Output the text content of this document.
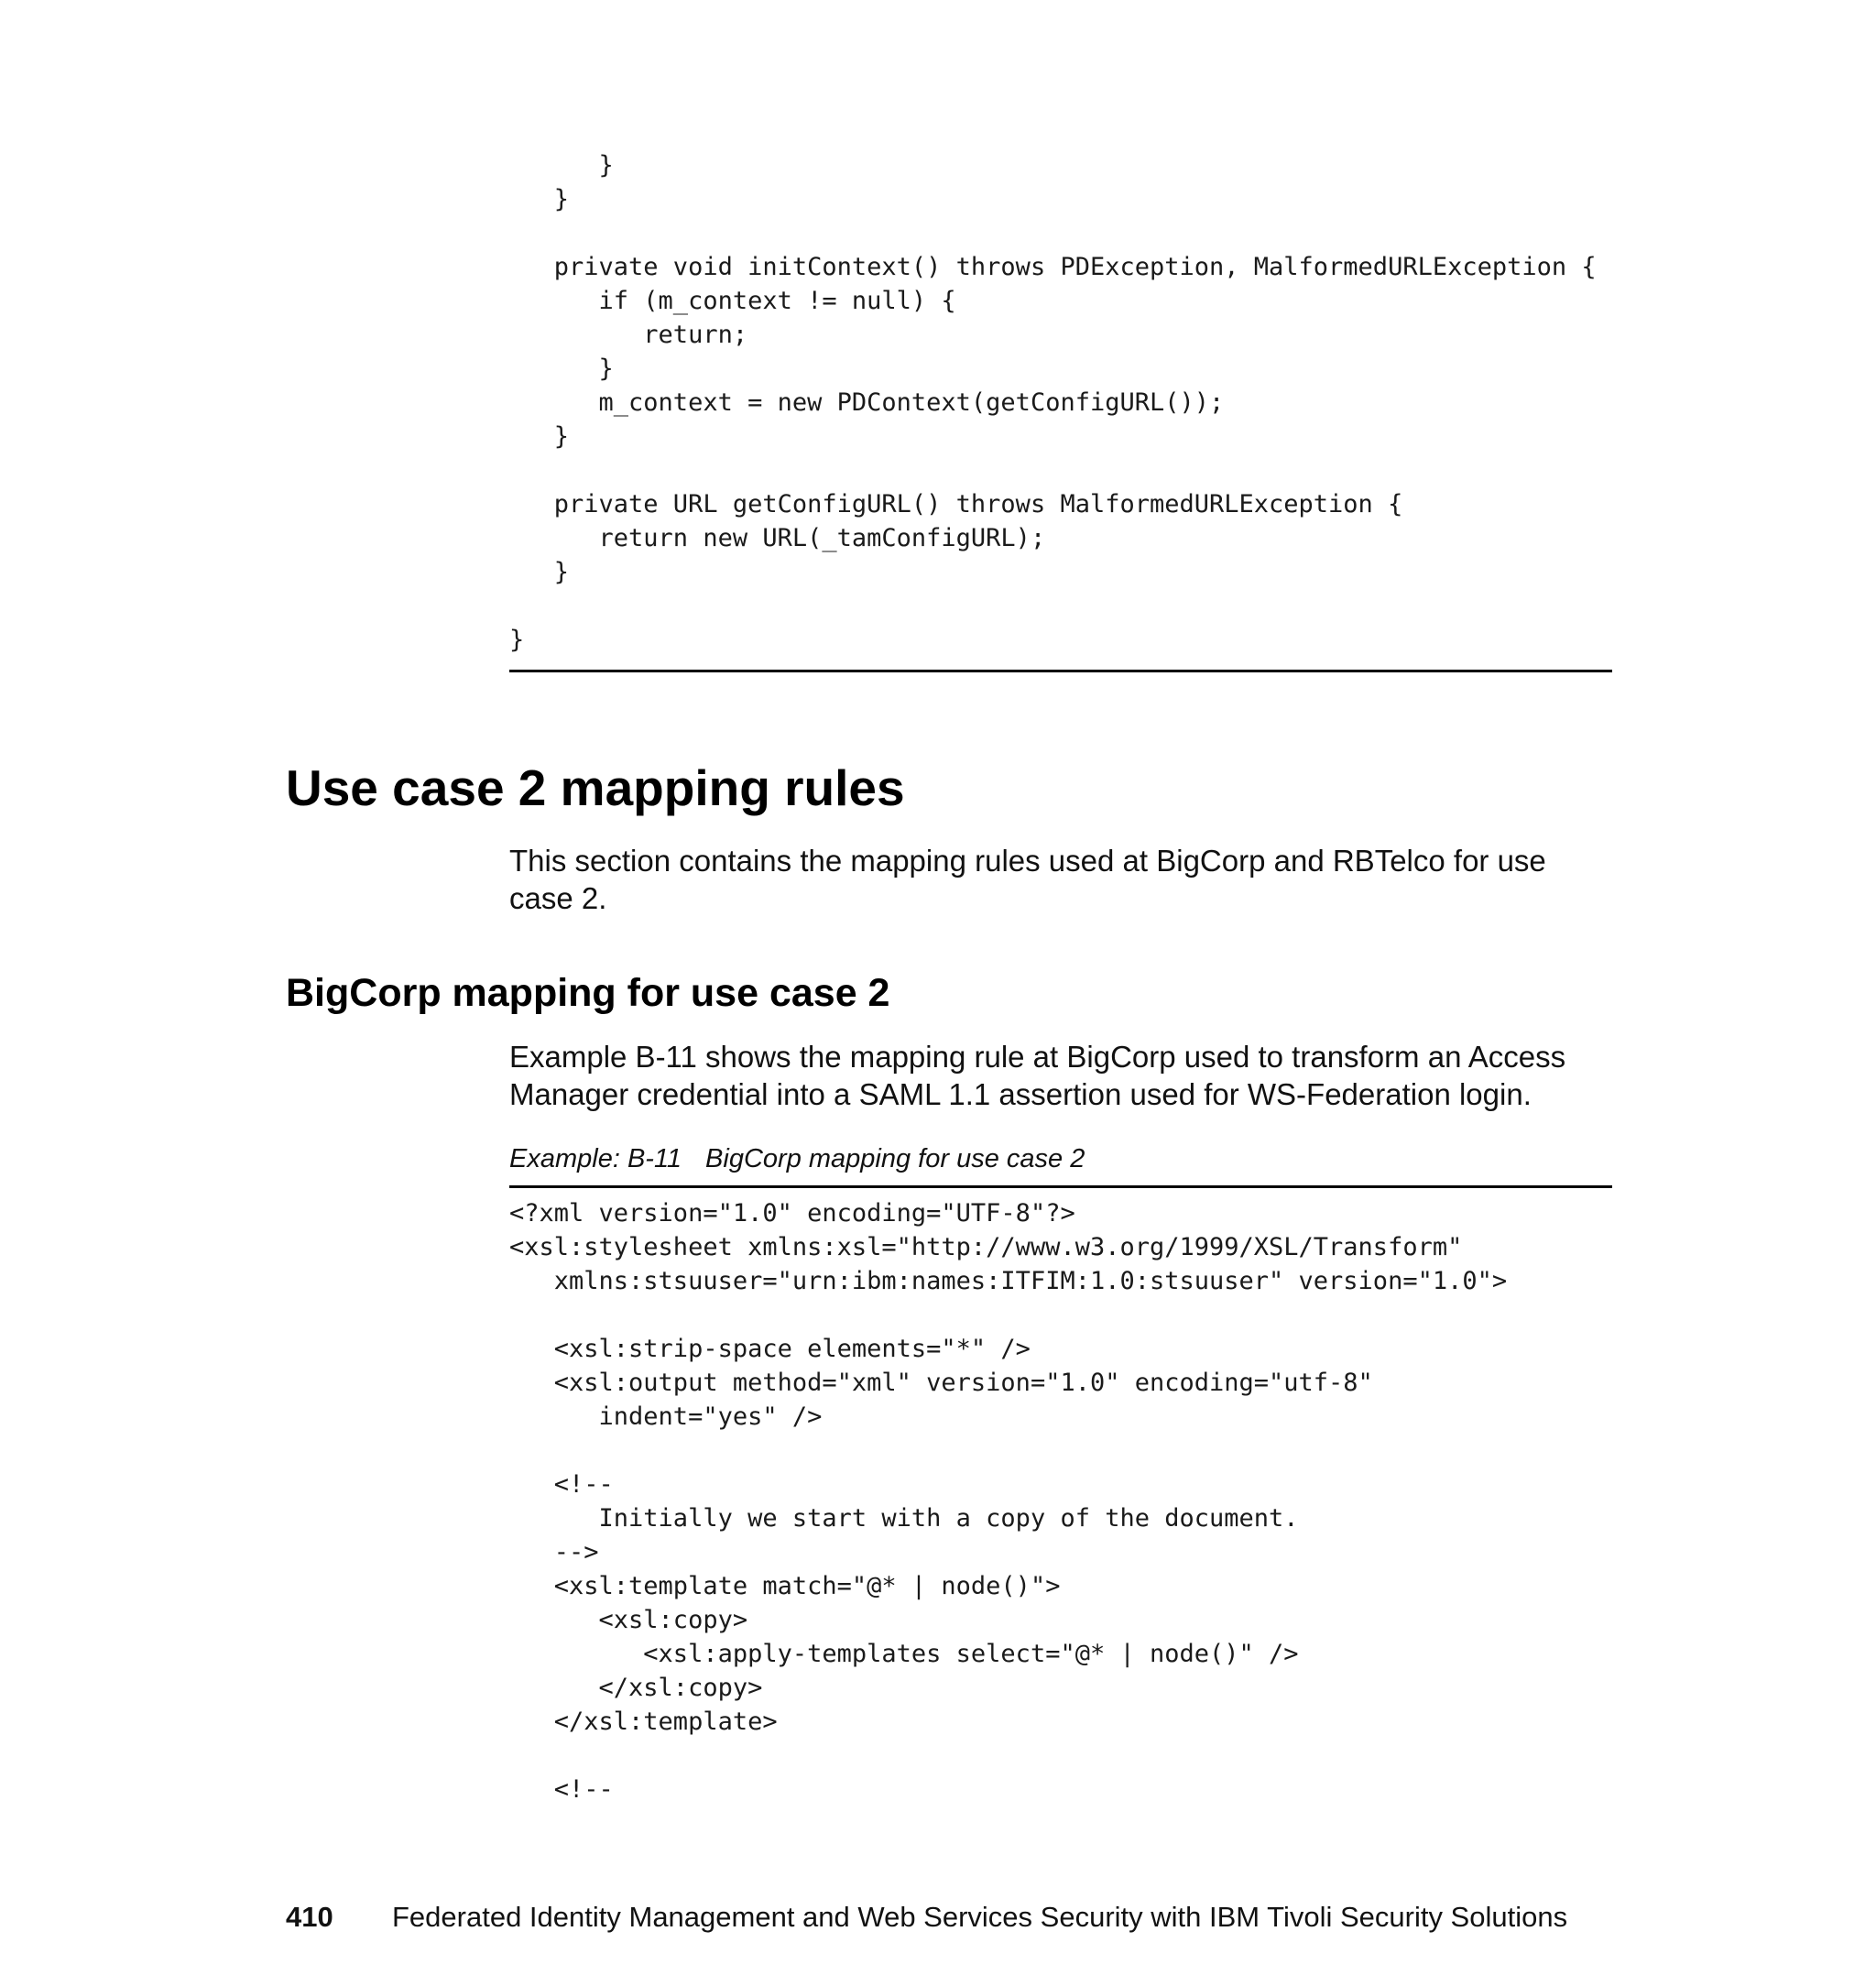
}
}

private void initContext() throws PDException, MalformedURLException {
if (m_context != null) {
return;
}
m_context = new PDContext(getConfigURL());
}

private URL getConfigURL() throws MalformedURLException {
return new URL(_tamConfigURL);
}

}
Use case 2 mapping rules

This section contains the mapping rules used at BigCorp and RBTelco for use case 2.

BigCorp mapping for use case 2

Example B-11 shows the mapping rule at BigCorp used to transform an Access Manager credential into a SAML 1.1 assertion used for WS-Federation login.

Example: B-11 BigCorp mapping for use case 2
<?xml version="1.0" encoding="UTF-8"?>
<xsl:stylesheet xmlns:xsl="http://www.w3.org/1999/XSL/Transform"
xmlns:stsuuser="urn:ibm:names:ITFIM:1.0:stsuuser" version="1.0">

<xsl:strip-space elements="*" />
<xsl:output method="xml" version="1.0" encoding="utf-8"
indent="yes" />

<!--
Initially we start with a copy of the document.
-->
<xsl:template match="@* | node()">
<xsl:copy>
<xsl:apply-templates select="@* | node()" />
</xsl:copy>
</xsl:template>

<!--
410 Federated Identity Management and Web Services Security with IBM Tivoli Security Solutions
